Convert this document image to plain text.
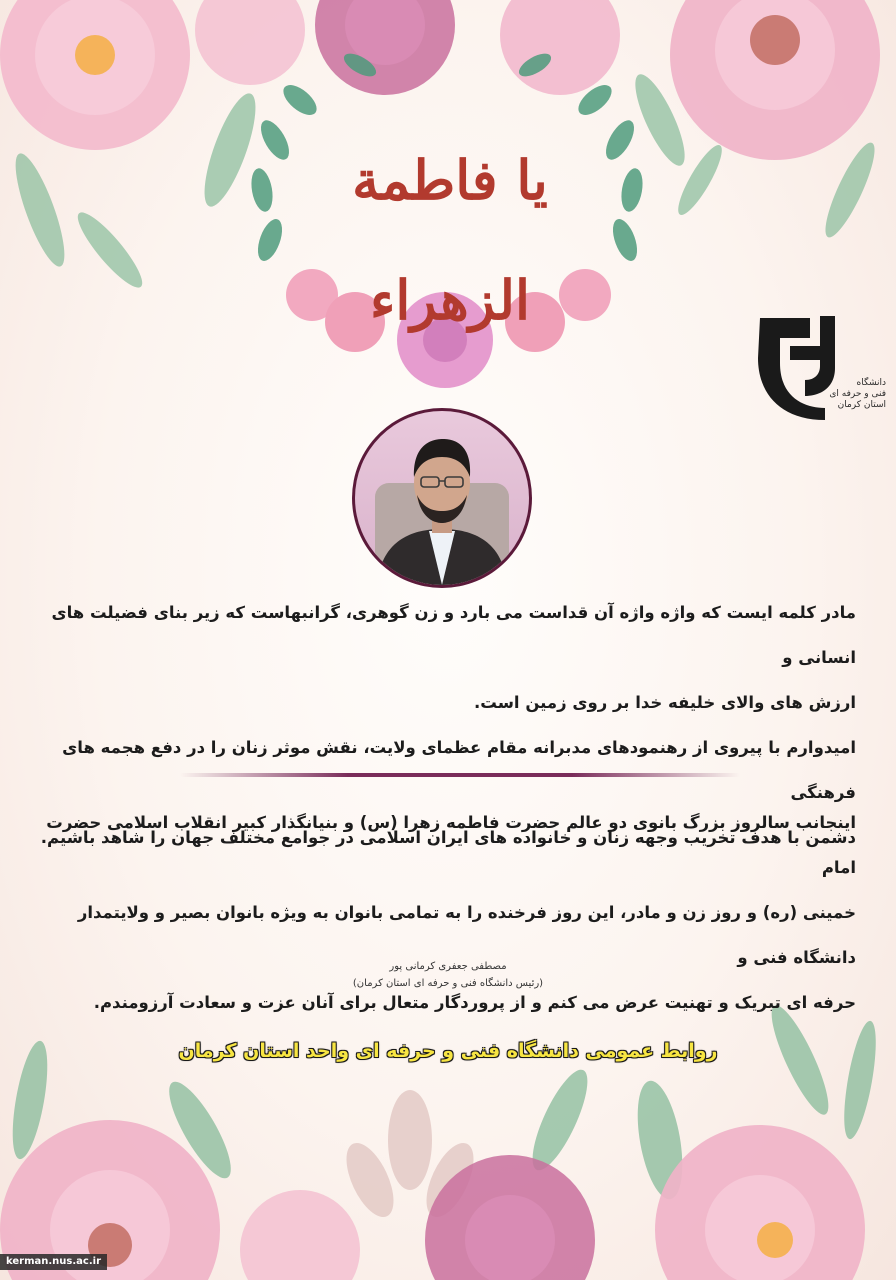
یا فاطمة الزهراء
دانشگاه
فنی و حرفه ای
استان کرمان
مادر کلمه ایست که واژه واژه آن قداست می بارد و زن گوهری، گرانبهاست که زیر بنای فضیلت های انسانی و
ارزش های والای خلیفه خدا بر روی زمین است.
امیدوارم با پیروی از رهنمودهای مدبرانه مقام عظمای ولایت، نقش موثر زنان را در دفع هجمه های فرهنگی
دشمن با هدف تخریب وجهه زنان و خانواده های ایران اسلامی در جوامع مختلف جهان را شاهد باشیم.
اینجانب سالروز بزرگ بانوی دو عالم حضرت فاطمه زهرا (س) و بنیانگذار کبیر انقلاب اسلامی حضرت امام
خمینی (ره) و روز زن و مادر، این روز فرخنده را به تمامی بانوان به ویژه بانوان بصیر و ولایتمدار دانشگاه فنی و
حرفه ای تبریک و تهنیت عرض می کنم و از پروردگار متعال برای آنان عزت و سعادت آرزومندم.
مصطفی جعفری کرمانی پور
(رئیس دانشگاه فنی و حرفه ای استان کرمان)
روابط عمومی دانشگاه فنی و حرفه ای واحد استان کرمان
kerman.nus.ac.ir
